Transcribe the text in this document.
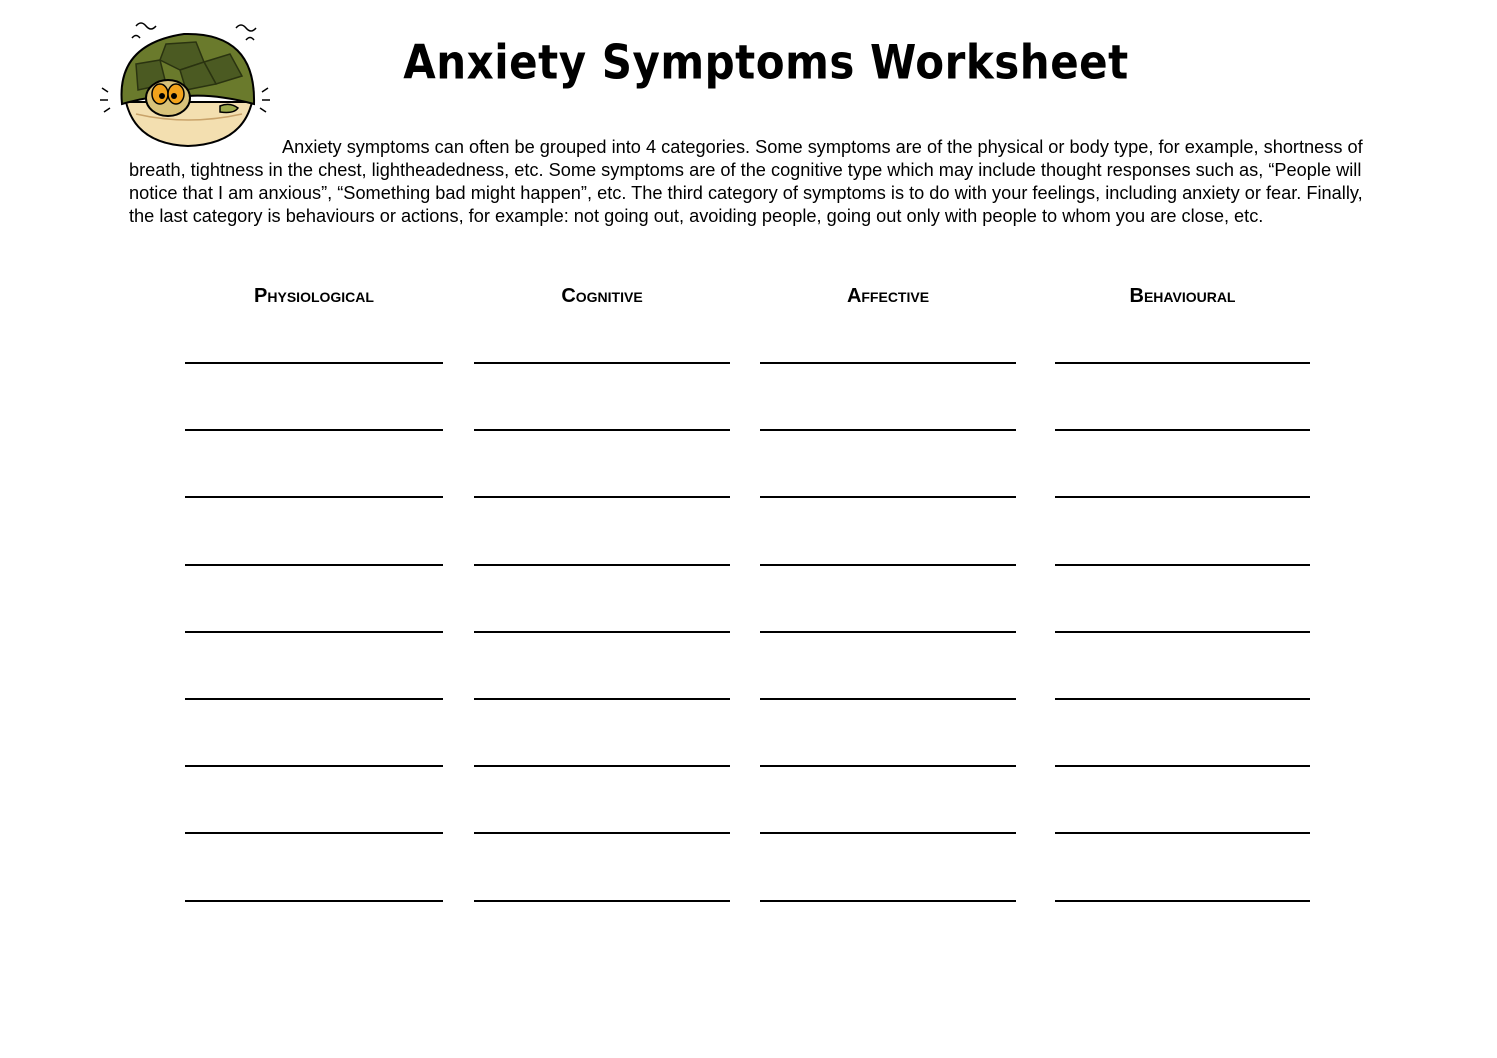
Anxiety Symptoms Worksheet

Anxiety symptoms can often be grouped into 4 categories. Some symptoms are of the physical or body type, for example, shortness of breath, tightness in the chest, lightheadedness, etc. Some symptoms are of the cognitive type which may include thought responses such as, “People will notice that I am anxious”, “Something bad might happen”, etc. The third category of symptoms is to do with your feelings, including anxiety or fear. Finally, the last category is behaviours or actions, for example: not going out, avoiding people, going out only with people to whom you are close, etc.

Physiological	Cognitive	Affective	Behavioural
